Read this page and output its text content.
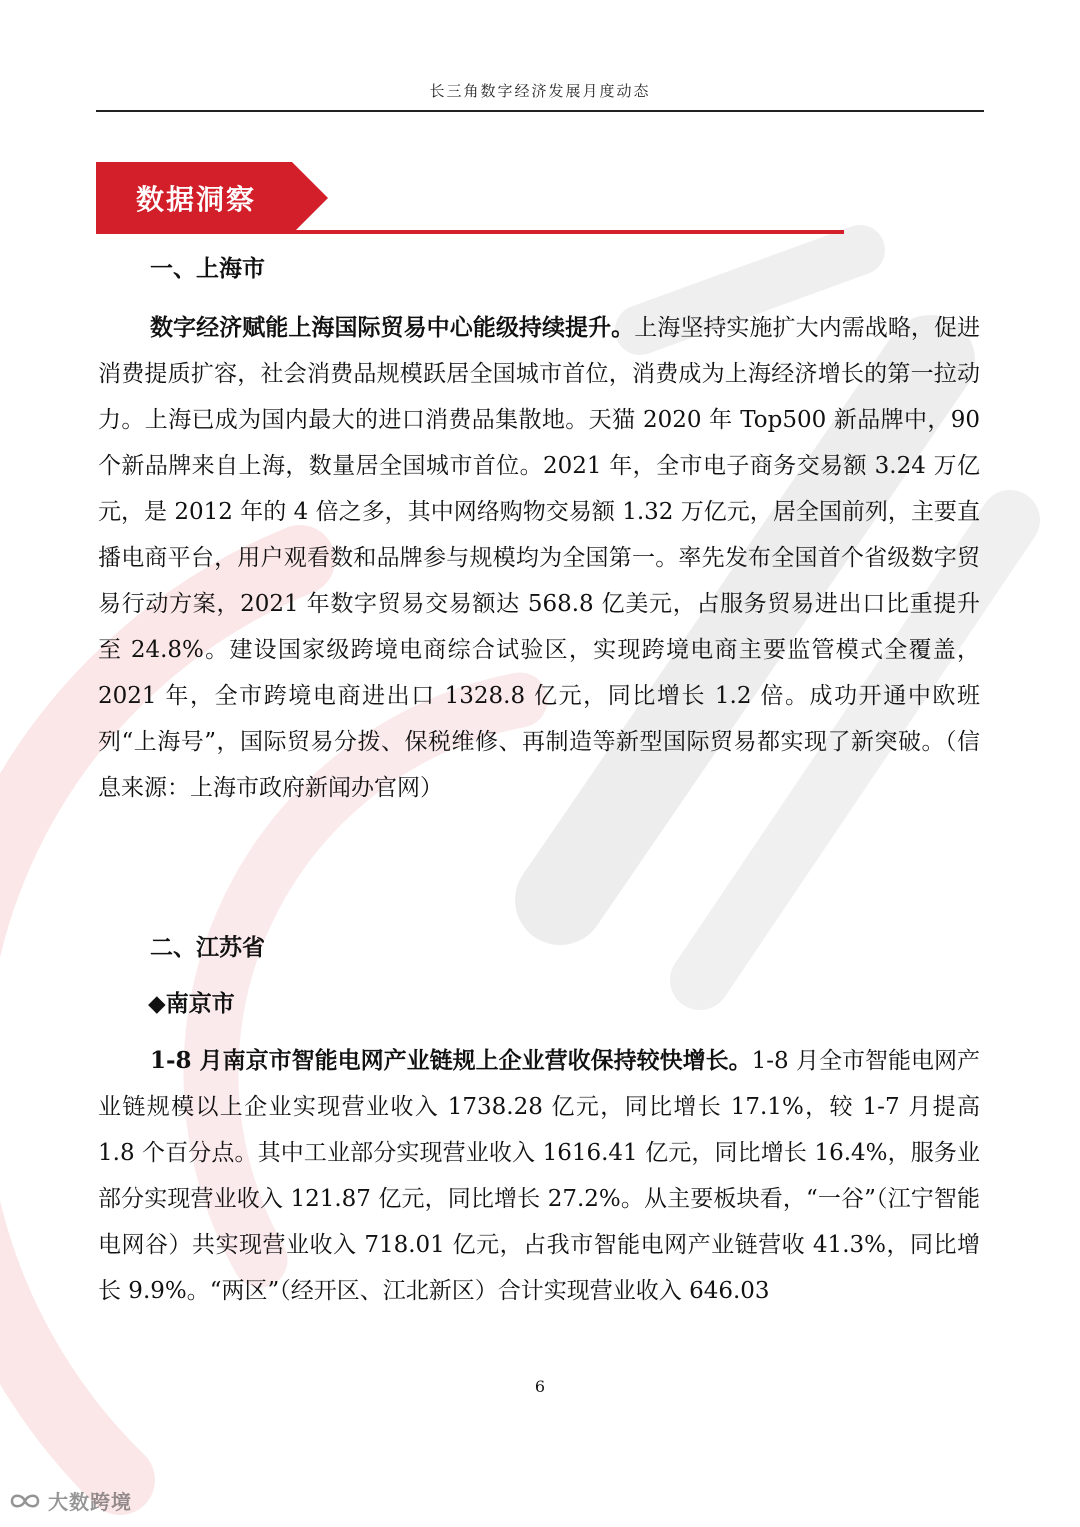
长三角数字经济发展月度动态
数据洞察
一、上海市
数字经济赋能上海国际贸易中心能级持续提升。上海坚持实施扩大内需战略，促进消费提质扩容，社会消费品规模跃居全国城市首位，消费成为上海经济增长的第一拉动力。上海已成为国内最大的进口消费品集散地。天猫 2020 年 Top500 新品牌中，90 个新品牌来自上海，数量居全国城市首位。2021 年，全市电子商务交易额 3.24 万亿元，是 2012 年的 4 倍之多，其中网络购物交易额 1.32 万亿元，居全国前列，主要直播电商平台，用户观看数和品牌参与规模均为全国第一。率先发布全国首个省级数字贸易行动方案，2021 年数字贸易交易额达 568.8 亿美元，占服务贸易进出口比重提升至 24.8%。建设国家级跨境电商综合试验区，实现跨境电商主要监管模式全覆盖，2021 年，全市跨境电商进出口 1328.8 亿元，同比增长 1.2 倍。成功开通中欧班列“上海号”，国际贸易分拨、保税维修、再制造等新型国际贸易都实现了新突破。（信息来源：上海市政府新闻办官网）
二、江苏省
◆南京市
1-8 月南京市智能电网产业链规上企业营收保持较快增长。1-8 月全市智能电网产业链规模以上企业实现营业收入 1738.28 亿元，同比增长 17.1%，较 1-7 月提高 1.8 个百分点。其中工业部分实现营业收入 1616.41 亿元，同比增长 16.4%，服务业部分实现营业收入 121.87 亿元，同比增长 27.2%。从主要板块看，“一谷”（江宁智能电网谷）共实现营业收入 718.01 亿元，占我市智能电网产业链营收 41.3%，同比增长 9.9%。“两区”（经开区、江北新区）合计实现营业收入 646.03
6
大数跨境
